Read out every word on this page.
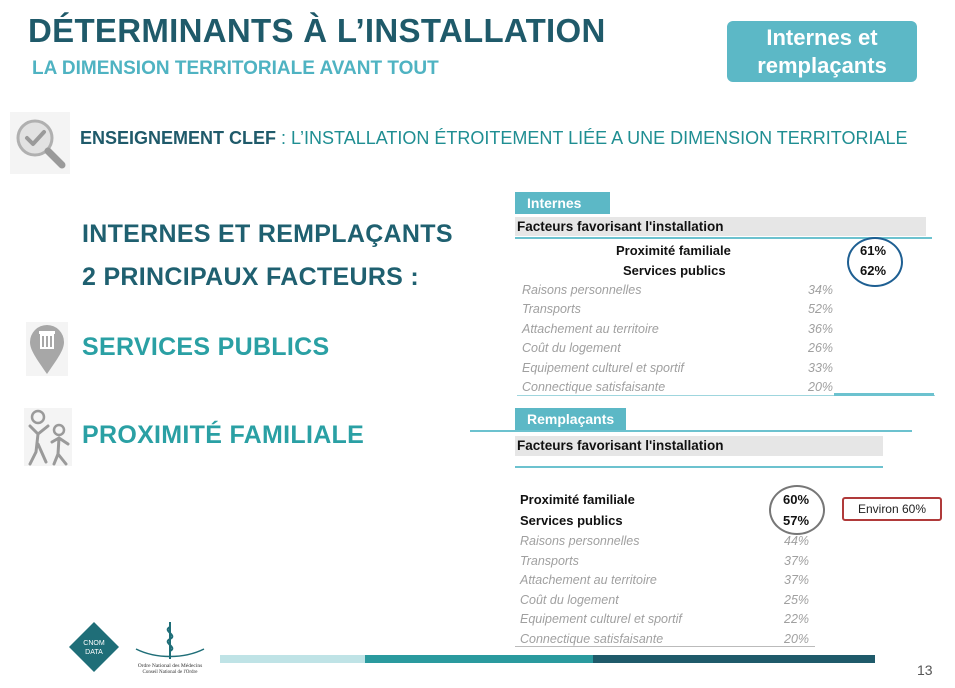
DÉTERMINANTS À L’INSTALLATION
LA DIMENSION TERRITORIALE AVANT TOUT
Internes et
remplaçants
ENSEIGNEMENT CLEF : L’INSTALLATION ÉTROITEMENT LIÉE A UNE DIMENSION TERRITORIALE
INTERNES ET REMPLAÇANTS
2 PRINCIPAUX FACTEURS :
SERVICES PUBLICS
PROXIMITÉ FAMILIALE
Internes
Facteurs favorisant l'installation
Proximité familiale	61%
Services publics	62%
Raisons personnelles	34%
Transports	52%
Attachement au territoire	36%
Coût du logement	26%
Equipement culturel et sportif	33%
Connectique satisfaisante	20%
Remplaçants
Facteurs favorisant l'installation
Proximité familiale	60%
Services publics	57%
Environ 60%
Raisons personnelles	44%
Transports	37%
Attachement au territoire	37%
Coût du logement	25%
Equipement culturel et sportif	22%
Connectique satisfaisante	20%
CNOM
DATA
Ordre National des Médecins
Conseil National de l'Ordre	13
